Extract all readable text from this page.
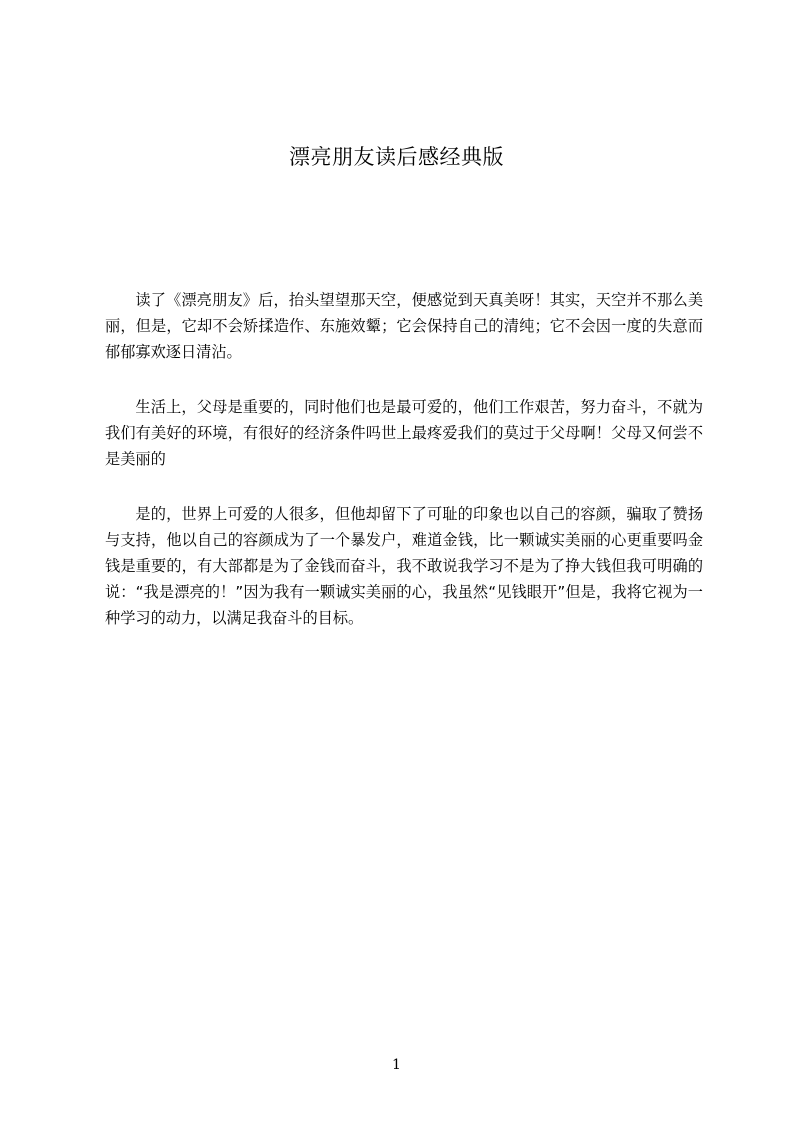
漂亮朋友读后感经典版

读了《漂亮朋友》后，抬头望望那天空，便感觉到天真美呀！其实，天空并不那么美丽，但是，它却不会矫揉造作、东施效颦；它会保持自己的清纯；它不会因一度的失意而郁郁寡欢逐日清沾。

生活上，父母是重要的，同时他们也是最可爱的，他们工作艰苦，努力奋斗，不就为我们有美好的环境，有很好的经济条件吗世上最疼爱我们的莫过于父母啊！父母又何尝不是美丽的

是的，世界上可爱的人很多，但他却留下了可耻的印象也以自己的容颜，骗取了赞扬与支持，他以自己的容颜成为了一个暴发户，难道金钱，比一颗诚实美丽的心更重要吗金钱是重要的，有大部都是为了金钱而奋斗，我不敢说我学习不是为了挣大钱但我可明确的说：“我是漂亮的！”因为我有一颗诚实美丽的心，我虽然“见钱眼开”但是，我将它视为一种学习的动力，以满足我奋斗的目标。

1
